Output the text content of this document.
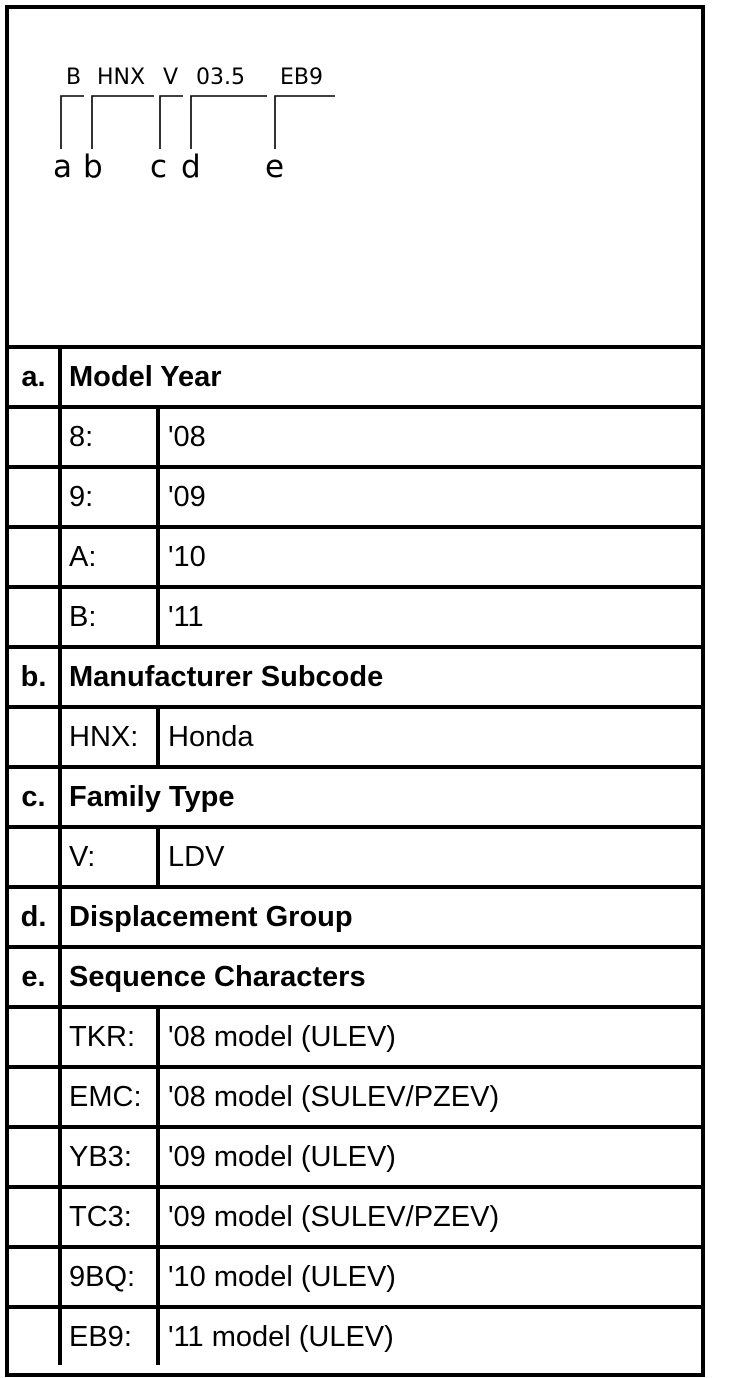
B HNX V 03.5 EB9
a b c d e
a. Model Year
8:	'08
9:	'09
A:	'10
B:	'11
b. Manufacturer Subcode
HNX:	Honda
c. Family Type
V:	LDV
d. Displacement Group
e. Sequence Characters
TKR:	'08 model (ULEV)
EMC: '08 model (SULEV/PZEV)
YB3:	'09 model (ULEV)
TC3:	'09 model (SULEV/PZEV)
9BQ:	'10 model (ULEV)
EB9:	'11 model (ULEV)
